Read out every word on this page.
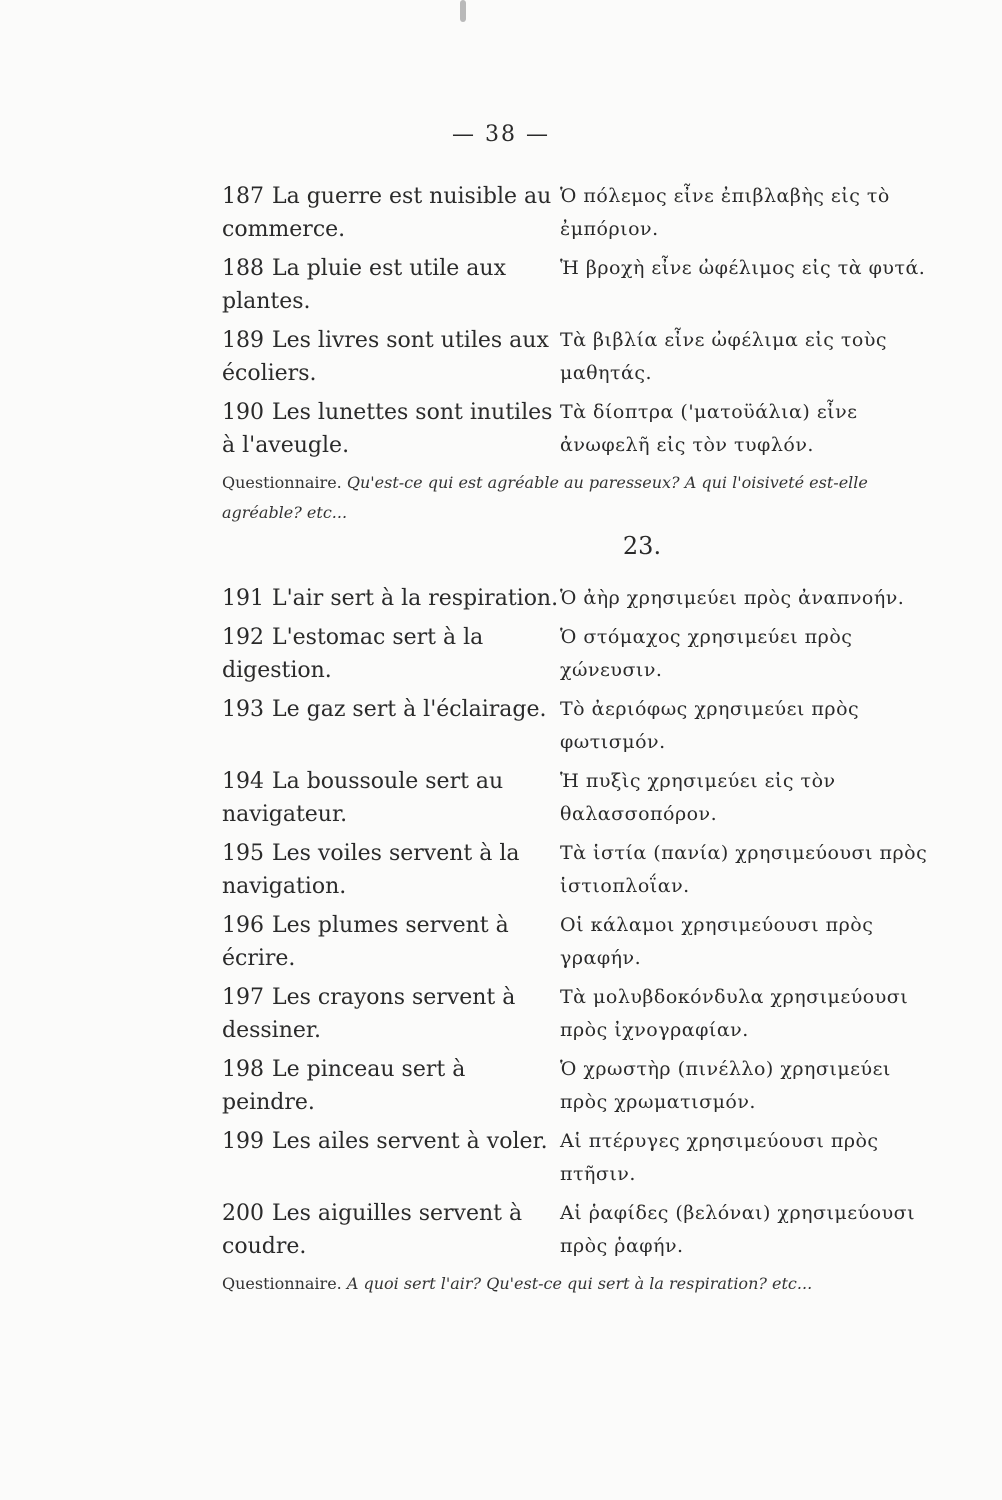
— 38 —
187 La guerre est nuisible au commerce.
Ὁ πόλεμος εἶνε ἐπιβλαβὴς εἰς τὸ ἐμπόριον.
188 La pluie est utile aux plantes.
Ἡ βροχὴ εἶνε ὠφέλιμος εἰς τὰ φυτά.
189 Les livres sont utiles aux écoliers.
Τὰ βιβλία εἶνε ὠφέλιμα εἰς τοὺς μαθητάς.
190 Les lunettes sont inutiles à l'aveugle.
Τὰ δίοπτρα ('ματοϋάλια) εἶνε ἀνωφελῆ εἰς τὸν τυφλόν.
Questionnaire. Qu'est-ce qui est agréable au paresseux? A qui l'oisiveté est-elle agréable? etc...
23.
191 L'air sert à la respiration. Ὁ ἀὴρ χρησιμεύει πρὸς ἀναπνοήν.
192 L'estomac sert à la digestion.
Ὁ στόμαχος χρησιμεύει πρὸς χώνευσιν.
193 Le gaz sert à l'éclairage. Τὸ ἀεριόφως χρησιμεύει πρὸς φωτισμόν.
194 La boussoule sert au navigateur.
Ἡ πυξὶς χρησιμεύει εἰς τὸν θαλασσοπόρον.
195 Les voiles servent à la navigation.
Τὰ ἱστία (πανία) χρησιμεύουσι πρὸς ἱστιοπλοΐαν.
196 Les plumes servent à écrire.
Οἱ κάλαμοι χρησιμεύουσι πρὸς γραφήν.
197 Les crayons servent à dessiner.
Τὰ μολυβδοκόνδυλα χρησιμεύουσι πρὸς ἰχνογραφίαν.
198 Le pinceau sert à peindre.
Ὁ χρωστὴρ (πινέλλο) χρησιμεύει πρὸς χρωματισμόν.
199 Les ailes servent à voler. Αἱ πτέρυγες χρησιμεύουσι πρὸς πτῆσιν.
200 Les aiguilles servent à coudre.
Αἱ ῥαφίδες (βελόναι) χρησιμεύουσι πρὸς ῥαφήν.
Questionnaire. A quoi sert l'air? Qu'est-ce qui sert à la respiration? etc...
